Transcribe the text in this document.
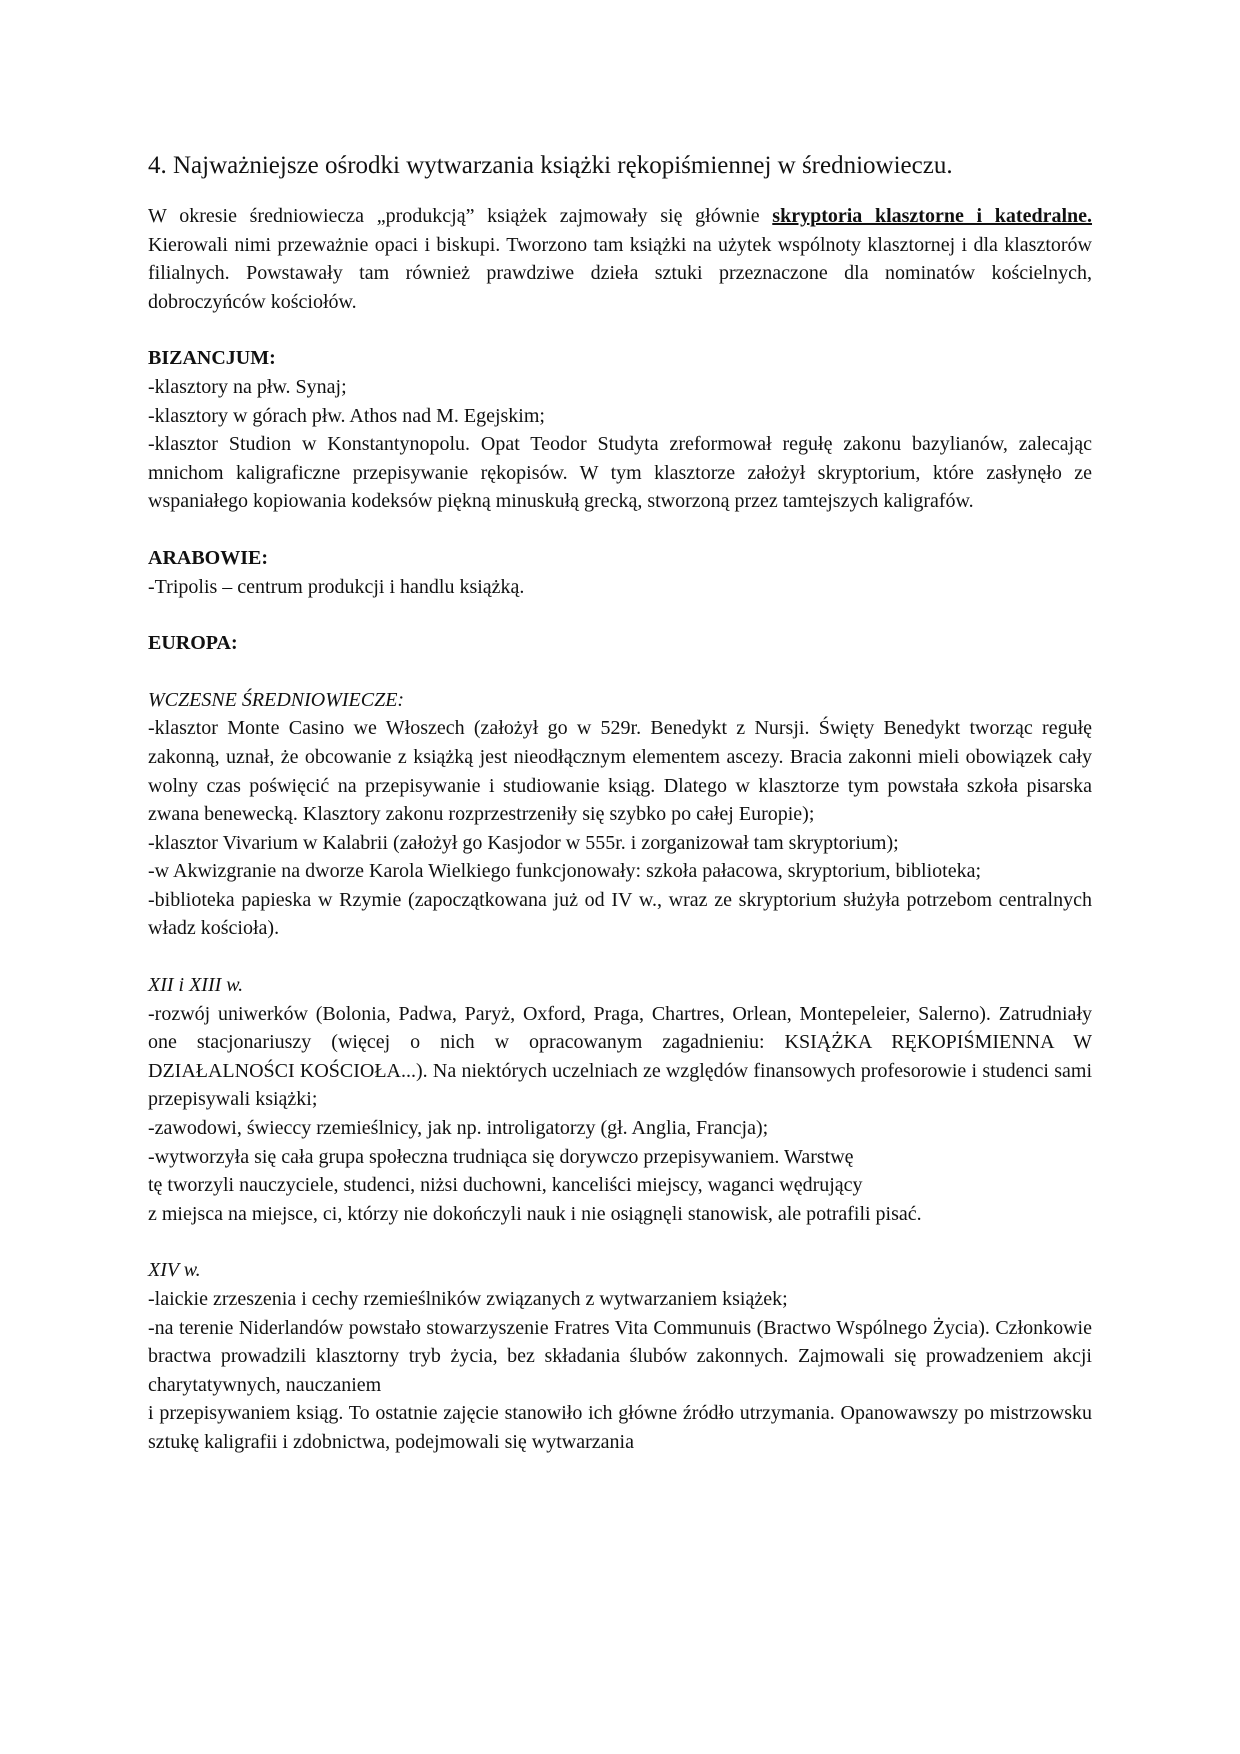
4. Najważniejsze ośrodki wytwarzania książki rękopiśmiennej w średniowieczu.

W okresie średniowiecza „produkcją” książek zajmowały się głównie skryptoria klasztorne i katedralne. Kierowali nimi przeważnie opaci i biskupi. Tworzono tam książki na użytek wspólnoty klasztornej i dla klasztorów filialnych. Powstawały tam również prawdziwe dzieła sztuki przeznaczone dla nominatów kościelnych, dobroczyńców kościołów.

BIZANCJUM:

-klasztory na płw. Synaj;

-klasztory w górach płw. Athos nad M. Egejskim;

-klasztor Studion w Konstantynopolu. Opat Teodor Studyta zreformował regułę zakonu bazylianów, zalecając mnichom kaligraficzne przepisywanie rękopisów. W tym klasztorze założył skryptorium, które zasłynęło ze wspaniałego kopiowania kodeksów piękną minuskułą grecką, stworzoną przez tamtejszych kaligrafów.

ARABOWIE:

-Tripolis – centrum produkcji i handlu książką.

EUROPA:

WCZESNE ŚREDNIOWIECZE:

-klasztor Monte Casino we Włoszech (założył go w 529r. Benedykt z Nursji. Święty Benedykt tworząc regułę zakonną, uznał, że obcowanie z książką jest nieodłącznym elementem ascezy. Bracia zakonni mieli obowiązek cały wolny czas poświęcić na przepisywanie i studiowanie ksiąg. Dlatego w klasztorze tym powstała szkoła pisarska zwana benewecką. Klasztory zakonu rozprzestrzeniły się szybko po całej Europie);

-klasztor Vivarium w Kalabrii (założył go Kasjodor w 555r. i zorganizował tam skryptorium);

-w Akwizgranie na dworze Karola Wielkiego funkcjonowały: szkoła pałacowa, skryptorium, biblioteka;

-biblioteka papieska w Rzymie (zapoczątkowana już od IV w., wraz ze skryptorium służyła potrzebom centralnych władz kościoła).

XII i XIII w.

-rozwój uniwerków (Bolonia, Padwa, Paryż, Oxford, Praga, Chartres, Orlean, Montepeleier, Salerno). Zatrudniały one stacjonariuszy (więcej o nich w opracowanym zagadnieniu: KSIĄŻKA RĘKOPIŚMIENNA W DZIAŁALNOŚCI KOŚCIOŁA...). Na niektórych uczelniach ze względów finansowych profesorowie i studenci sami przepisywali książki;

-zawodowi, świeccy rzemieślnicy, jak np. introligatorzy (gł. Anglia, Francja);

-wytworzyła się cała grupa społeczna trudniąca się dorywczo przepisywaniem. Warstwę
tę tworzyli nauczyciele, studenci, niżsi duchowni, kanceliści miejscy, waganci wędrujący
z miejsca na miejsce, ci, którzy nie dokończyli nauk i nie osiągnęli stanowisk, ale potrafili pisać.

XIV w.

-laickie zrzeszenia i cechy rzemieślników związanych z wytwarzaniem książek;

-na terenie Niderlandów powstało stowarzyszenie Fratres Vita Communuis (Bractwo Wspólnego Życia). Członkowie bractwa prowadzili klasztorny tryb życia, bez składania ślubów zakonnych. Zajmowali się prowadzeniem akcji charytatywnych, nauczaniem

i przepisywaniem ksiąg. To ostatnie zajęcie stanowiło ich główne źródło utrzymania. Opanowawszy po mistrzowsku sztukę kaligrafii i zdobnictwa, podejmowali się wytwarzania
